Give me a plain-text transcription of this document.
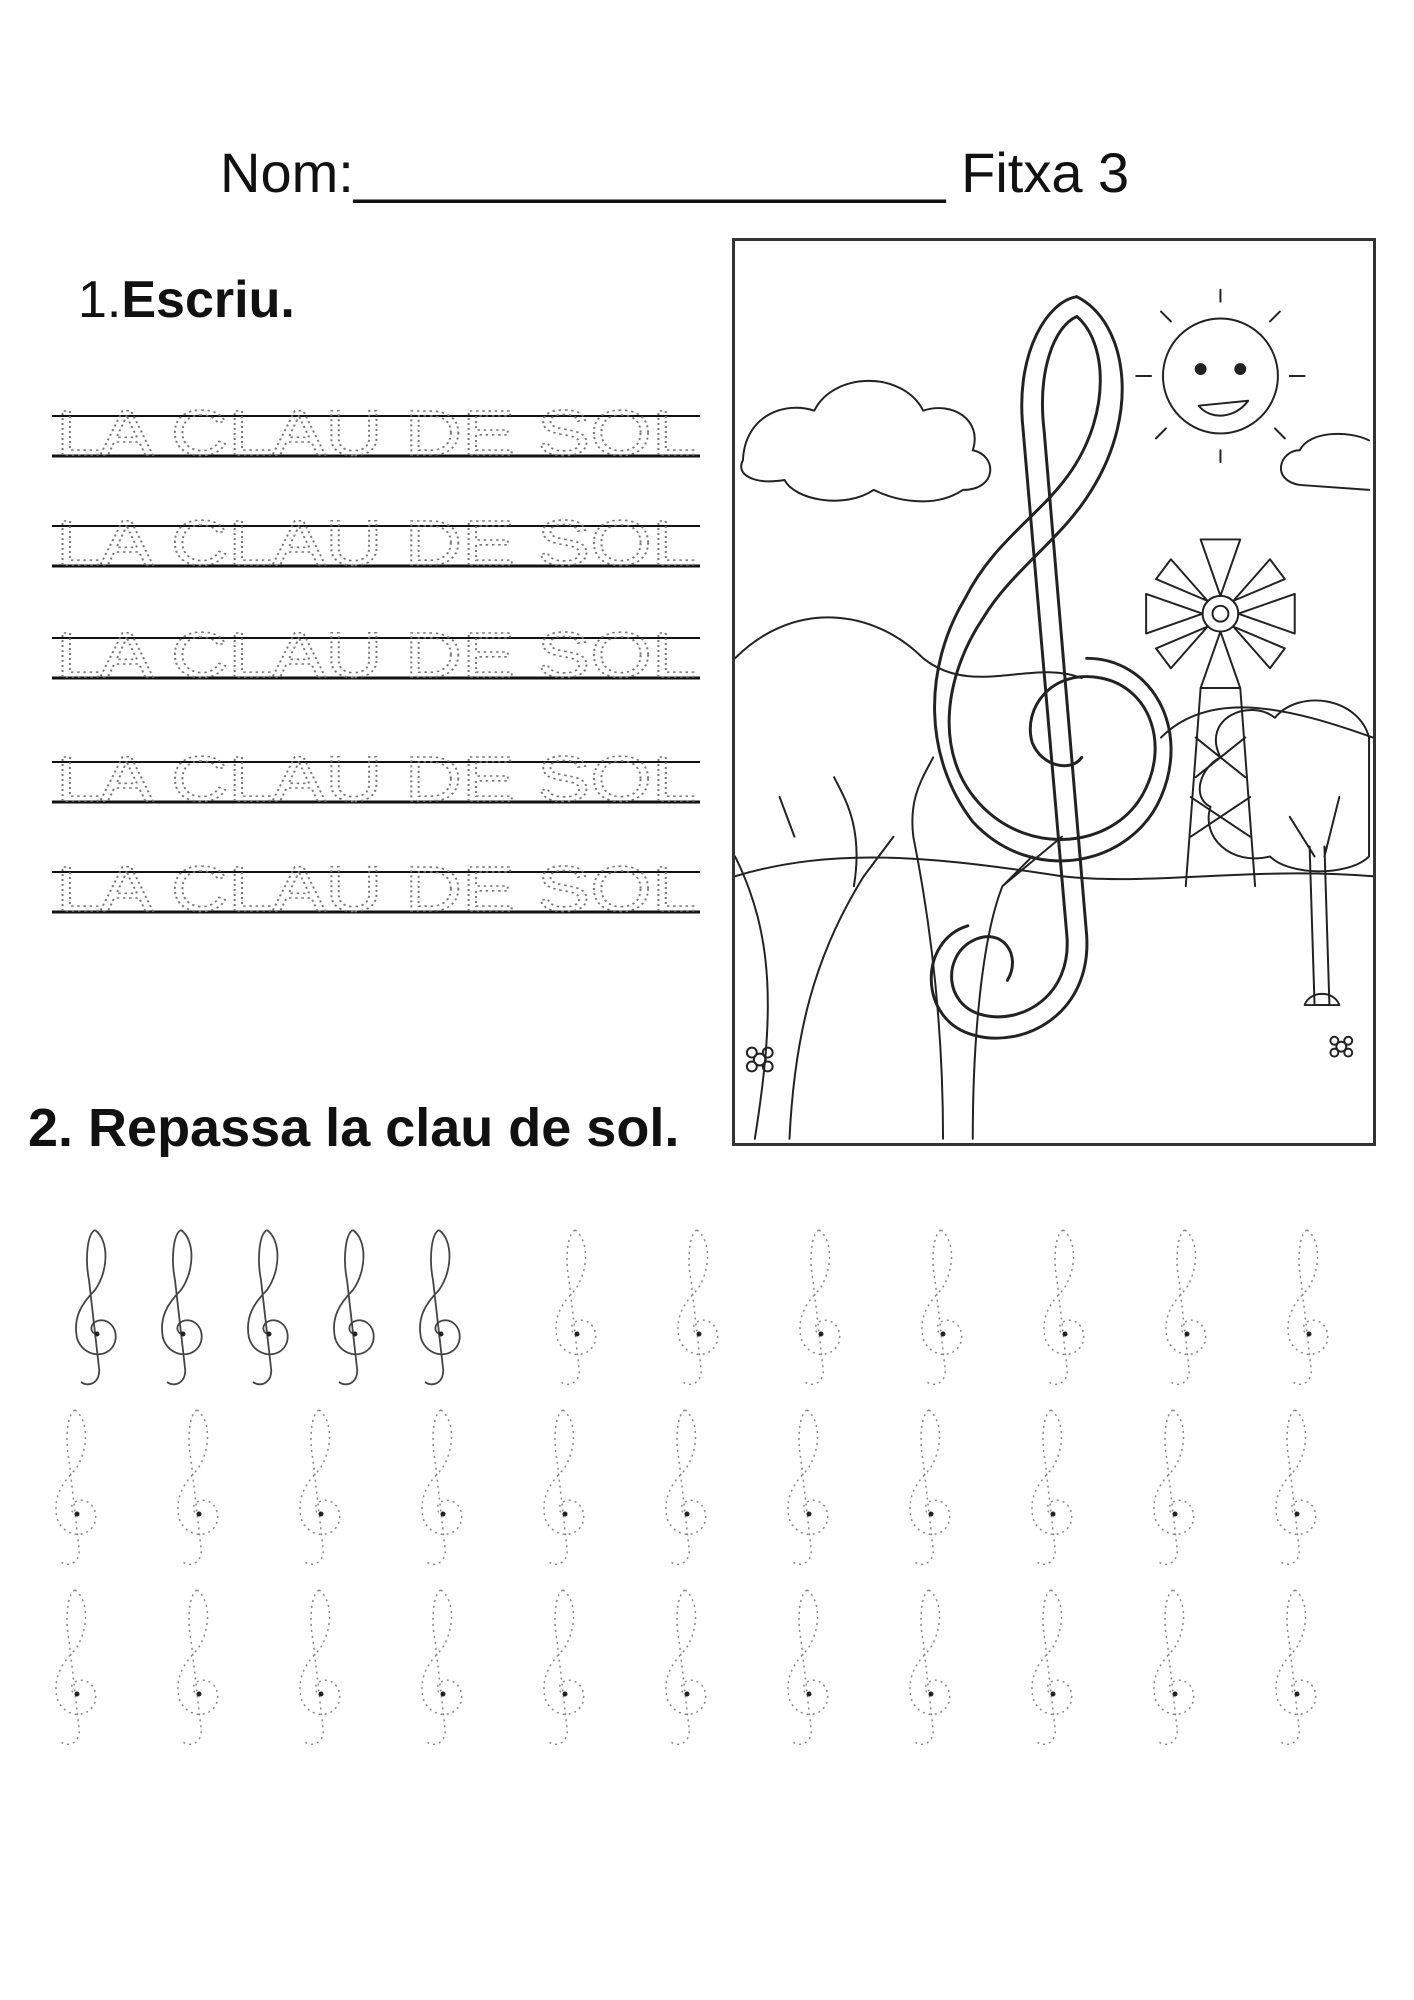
Nom:___________________ Fitxa 3
1.Escriu.
LA CLAU DE SOL
LA CLAU DE SOL
LA CLAU DE SOL
LA CLAU DE SOL
LA CLAU DE SOL
2. Repassa la clau de sol.
